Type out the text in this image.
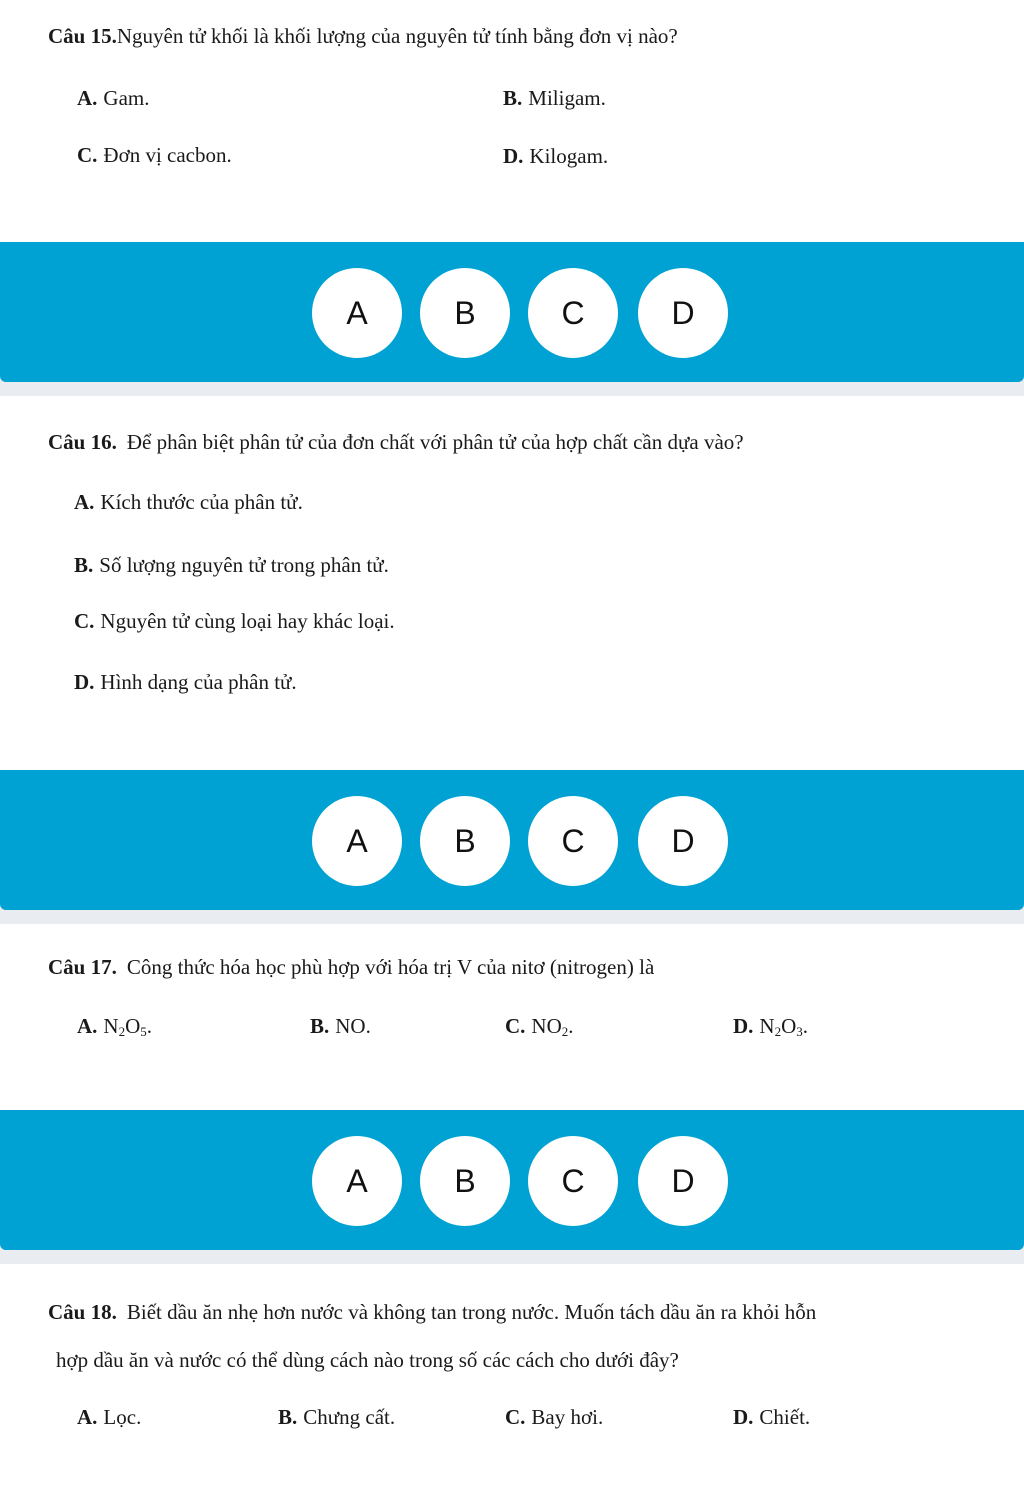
Câu 15.Nguyên tử khối là khối lượng của nguyên tử tính bằng đơn vị nào?
A. Gam.	B. Miligam.
C. Đơn vị cacbon.	D. Kilogam.
A	B	C	D
Câu 16. Để phân biệt phân tử của đơn chất với phân tử của hợp chất cần dựa vào?
A. Kích thước của phân tử.
B. Số lượng nguyên tử trong phân tử.
C. Nguyên tử cùng loại hay khác loại.
D. Hình dạng của phân tử.
A	B	C	D
Câu 17. Công thức hóa học phù hợp với hóa trị V của nitơ (nitrogen) là
A. $N_2O_5$.	B. NO.	C. $NO_2$.	D. $N_2O_3$.
A	B	C	D
Câu 18. Biết dầu ăn nhẹ hơn nước và không tan trong nước. Muốn tách dầu ăn ra khỏi hỗn
hợp dầu ăn và nước có thể dùng cách nào trong số các cách cho dưới đây?
A. Lọc.	B. Chưng cất.	C. Bay hơi.	D. Chiết.
